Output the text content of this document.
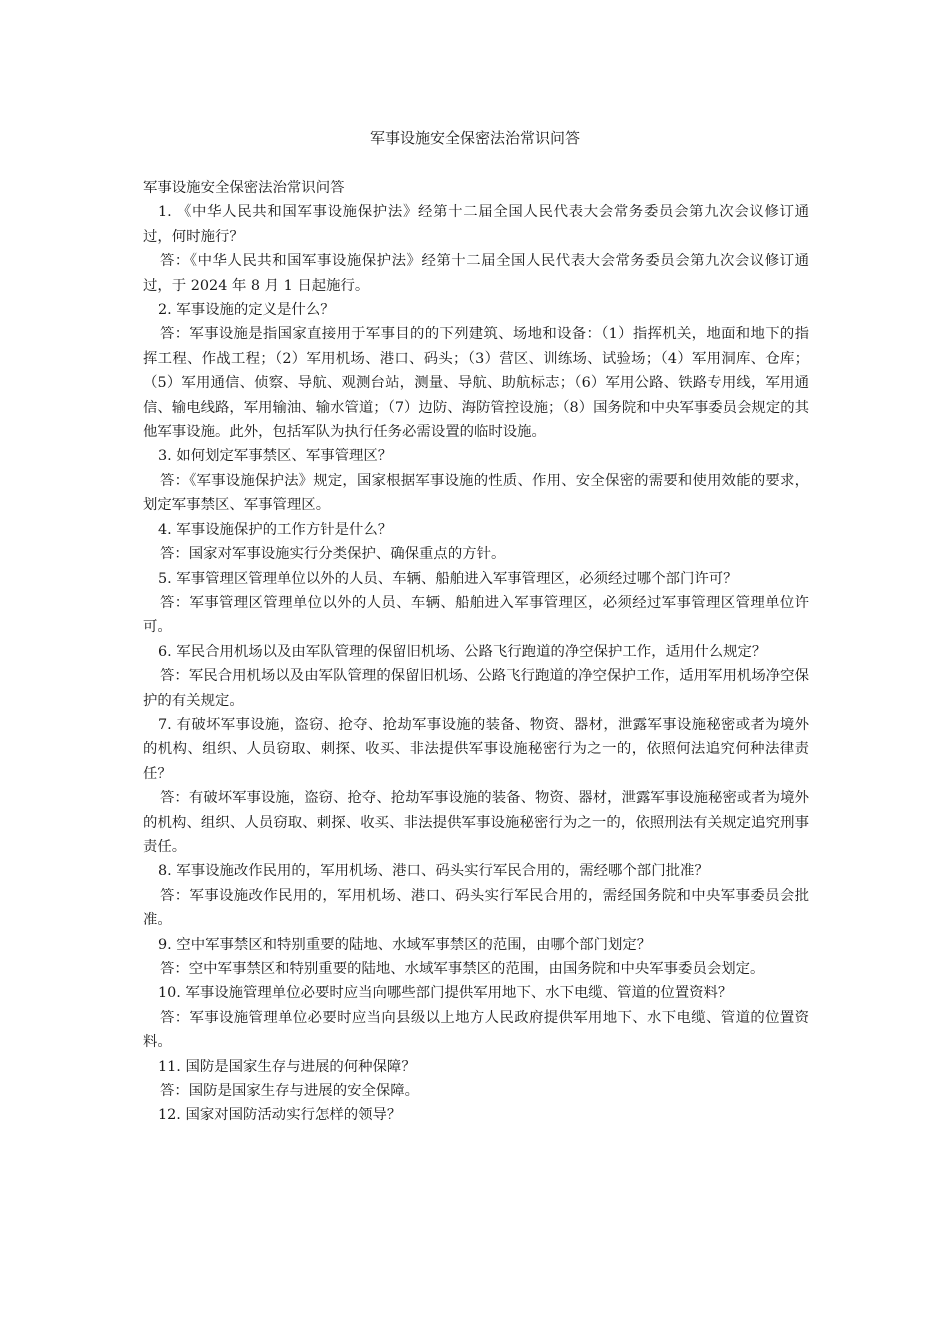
军事设施安全保密法治常识问答

军事设施安全保密法治常识问答

1. 《中华人民共和国军事设施保护法》经第十二届全国人民代表大会常务委员会第九次会议修订通过，何时施行？

答：《中华人民共和国军事设施保护法》经第十二届全国人民代表大会常务委员会第九次会议修订通过，于 2024 年 8 月 1 日起施行。

2. 军事设施的定义是什么？

答：军事设施是指国家直接用于军事目的的下列建筑、场地和设备：（1）指挥机关，地面和地下的指挥工程、作战工程；（2）军用机场、港口、码头；（3）营区、训练场、试验场；（4）军用洞库、仓库；（5）军用通信、侦察、导航、观测台站，测量、导航、助航标志；（6）军用公路、铁路专用线，军用通信、输电线路，军用输油、输水管道；（7）边防、海防管控设施；（8）国务院和中央军事委员会规定的其他军事设施。此外，包括军队为执行任务必需设置的临时设施。

3. 如何划定军事禁区、军事管理区？

答：《军事设施保护法》规定，国家根据军事设施的性质、作用、安全保密的需要和使用效能的要求，划定军事禁区、军事管理区。

4. 军事设施保护的工作方针是什么？

答：国家对军事设施实行分类保护、确保重点的方针。

5. 军事管理区管理单位以外的人员、车辆、船舶进入军事管理区，必须经过哪个部门许可？

答：军事管理区管理单位以外的人员、车辆、船舶进入军事管理区，必须经过军事管理区管理单位许可。

6. 军民合用机场以及由军队管理的保留旧机场、公路飞行跑道的净空保护工作，适用什么规定？

答：军民合用机场以及由军队管理的保留旧机场、公路飞行跑道的净空保护工作，适用军用机场净空保护的有关规定。

7. 有破坏军事设施，盗窃、抢夺、抢劫军事设施的装备、物资、器材，泄露军事设施秘密或者为境外的机构、组织、人员窃取、刺探、收买、非法提供军事设施秘密行为之一的，依照何法追究何种法律责任？

答：有破坏军事设施，盗窃、抢夺、抢劫军事设施的装备、物资、器材，泄露军事设施秘密或者为境外的机构、组织、人员窃取、刺探、收买、非法提供军事设施秘密行为之一的，依照刑法有关规定追究刑事责任。

8. 军事设施改作民用的，军用机场、港口、码头实行军民合用的，需经哪个部门批准？

答：军事设施改作民用的，军用机场、港口、码头实行军民合用的，需经国务院和中央军事委员会批准。

9. 空中军事禁区和特别重要的陆地、水域军事禁区的范围，由哪个部门划定？

答：空中军事禁区和特别重要的陆地、水域军事禁区的范围，由国务院和中央军事委员会划定。

10. 军事设施管理单位必要时应当向哪些部门提供军用地下、水下电缆、管道的位置资料？

答：军事设施管理单位必要时应当向县级以上地方人民政府提供军用地下、水下电缆、管道的位置资料。

11. 国防是国家生存与进展的何种保障？

答：国防是国家生存与进展的安全保障。

12. 国家对国防活动实行怎样的领导？
